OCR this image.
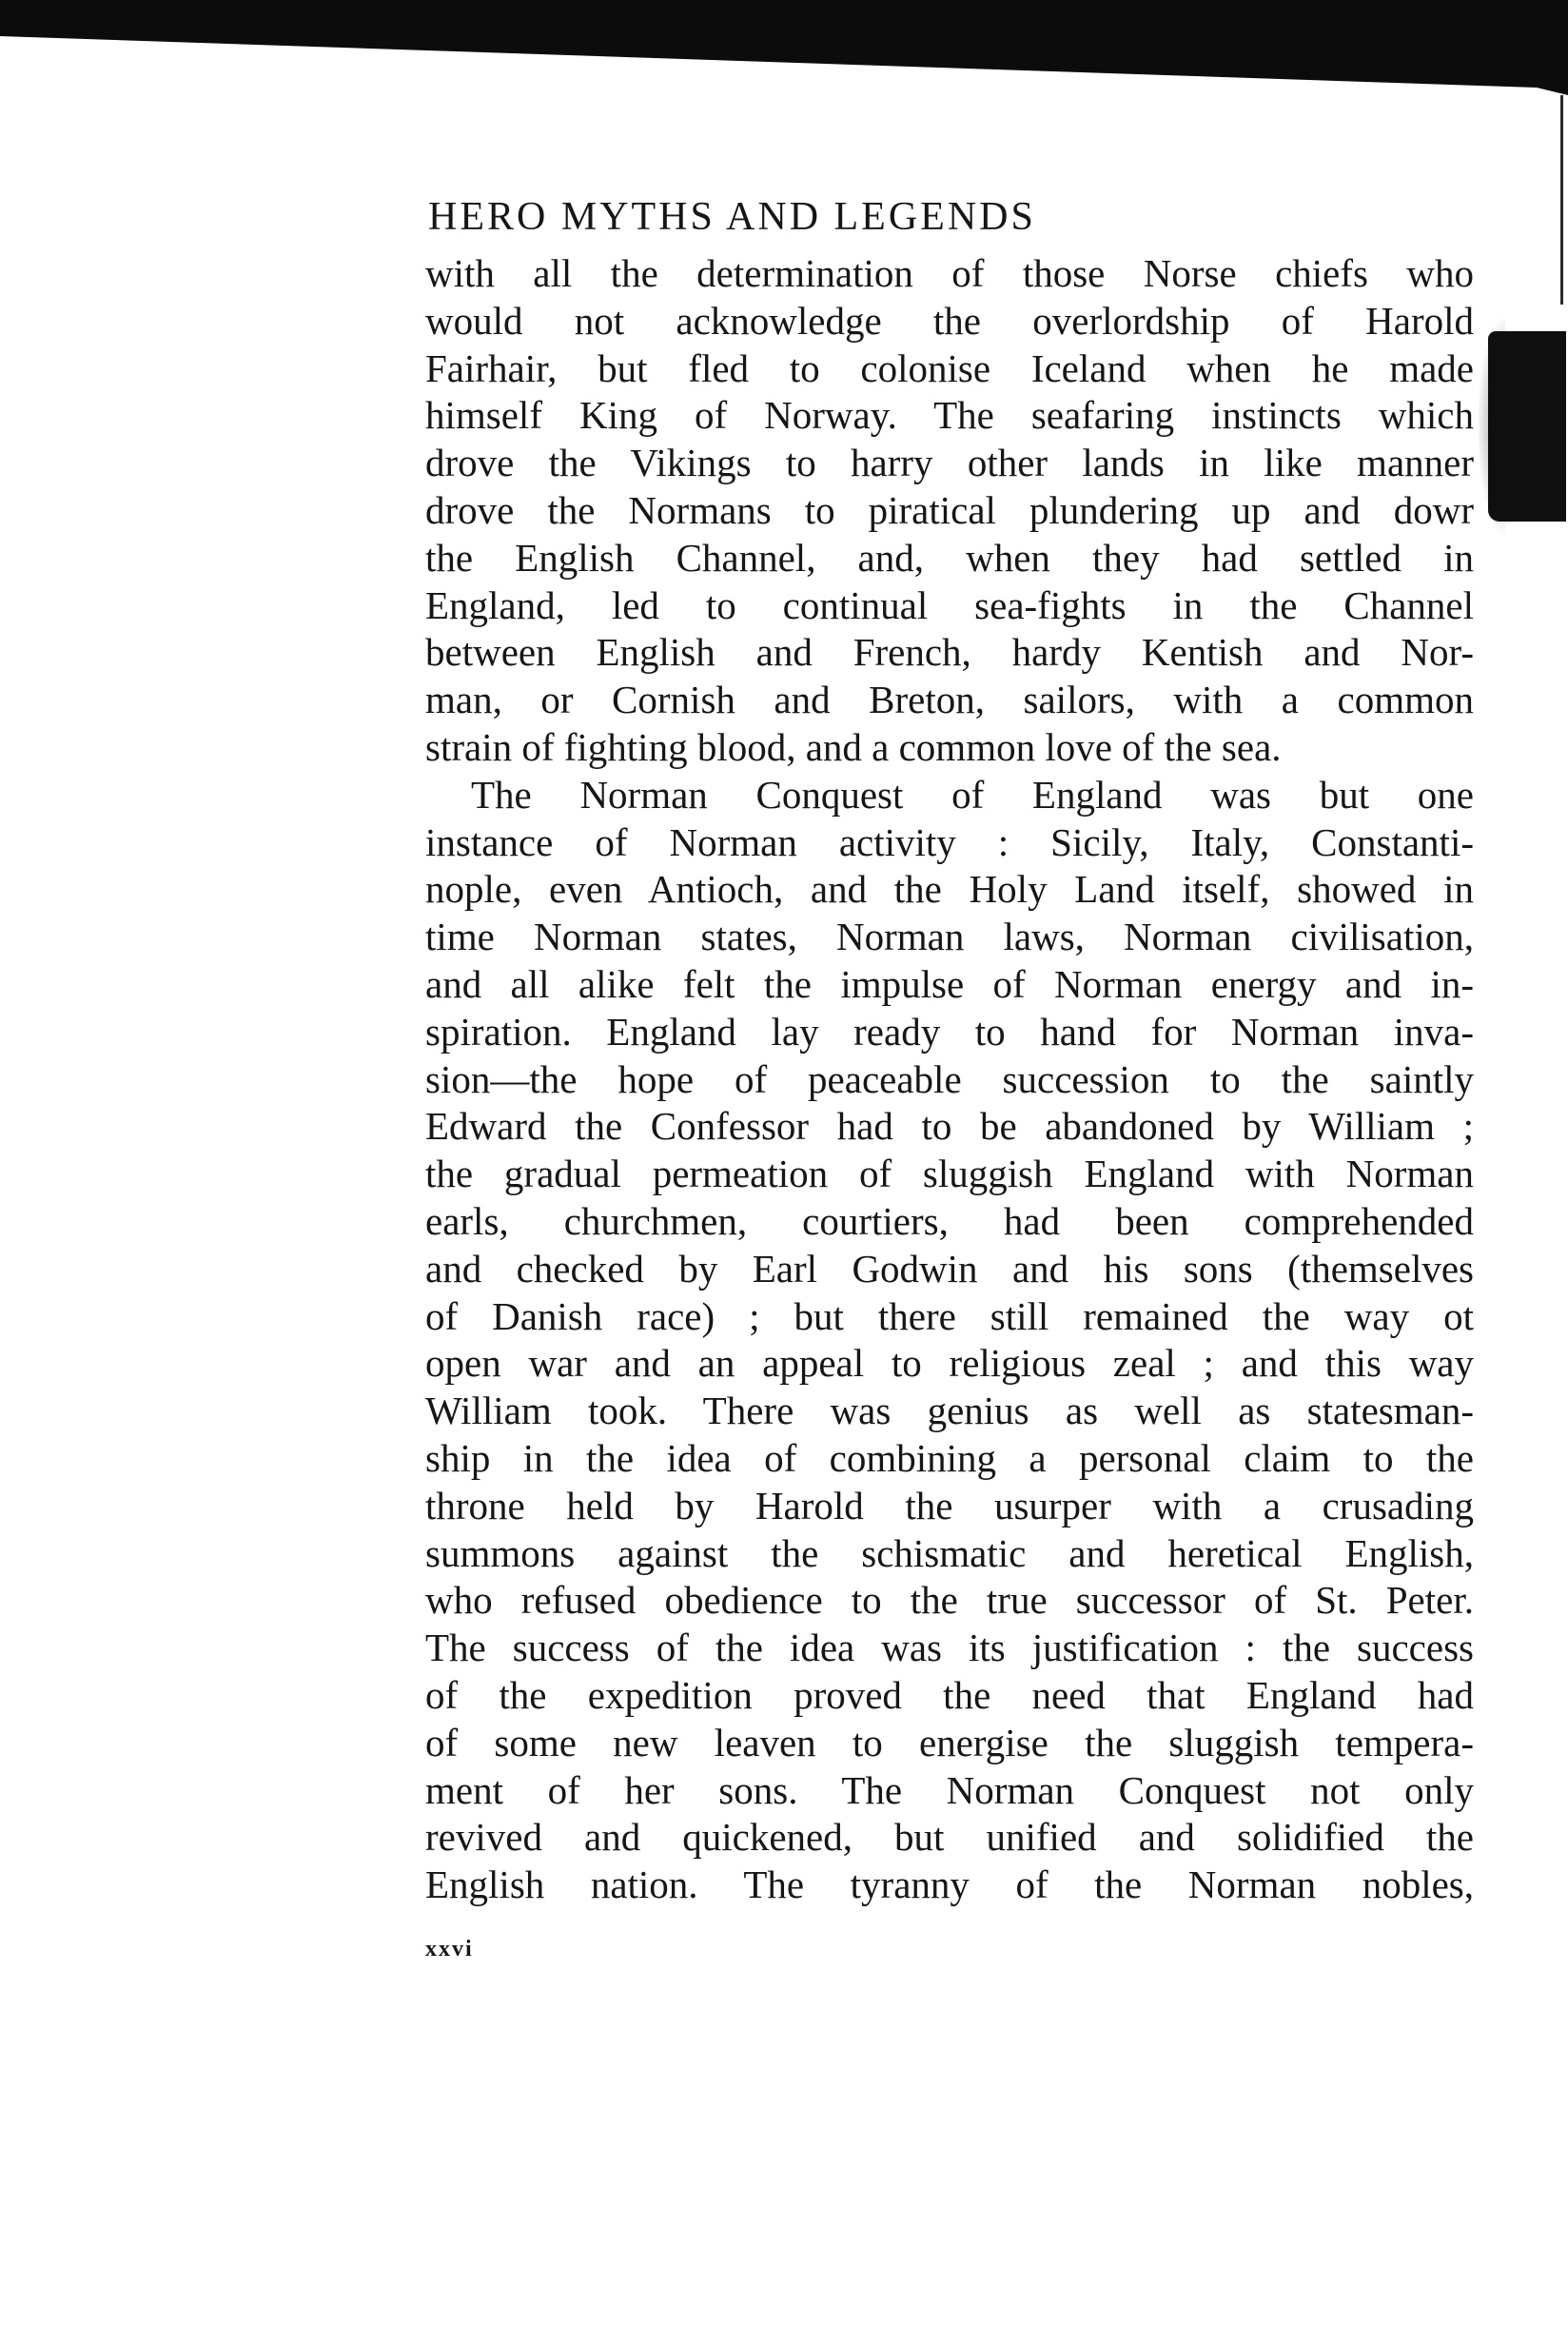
HERO MYTHS AND LEGENDS
with all the determination of those Norse chiefs who
would not acknowledge the overlordship of Harold
Fairhair, but fled to colonise Iceland when he made
himself King of Norway. The seafaring instincts which
drove the Vikings to harry other lands in like manner
drove the Normans to piratical plundering up and dowr
the English Channel, and, when they had settled in
England, led to continual sea-fights in the Channel
between English and French, hardy Kentish and Nor-
man, or Cornish and Breton, sailors, with a common
strain of fighting blood, and a common love of the sea.
The Norman Conquest of England was but one
instance of Norman activity : Sicily, Italy, Constanti-
nople, even Antioch, and the Holy Land itself, showed in
time Norman states, Norman laws, Norman civilisation,
and all alike felt the impulse of Norman energy and in-
spiration. England lay ready to hand for Norman inva-
sion—the hope of peaceable succession to the saintly
Edward the Confessor had to be abandoned by William ;
the gradual permeation of sluggish England with Norman
earls, churchmen, courtiers, had been comprehended
and checked by Earl Godwin and his sons (themselves
of Danish race) ; but there still remained the way ot
open war and an appeal to religious zeal ; and this way
William took. There was genius as well as statesman-
ship in the idea of combining a personal claim to the
throne held by Harold the usurper with a crusading
summons against the schismatic and heretical English,
who refused obedience to the true successor of St. Peter.
The success of the idea was its justification : the success
of the expedition proved the need that England had
of some new leaven to energise the sluggish tempera-
ment of her sons. The Norman Conquest not only
revived and quickened, but unified and solidified the
English nation. The tyranny of the Norman nobles,
xxvi
